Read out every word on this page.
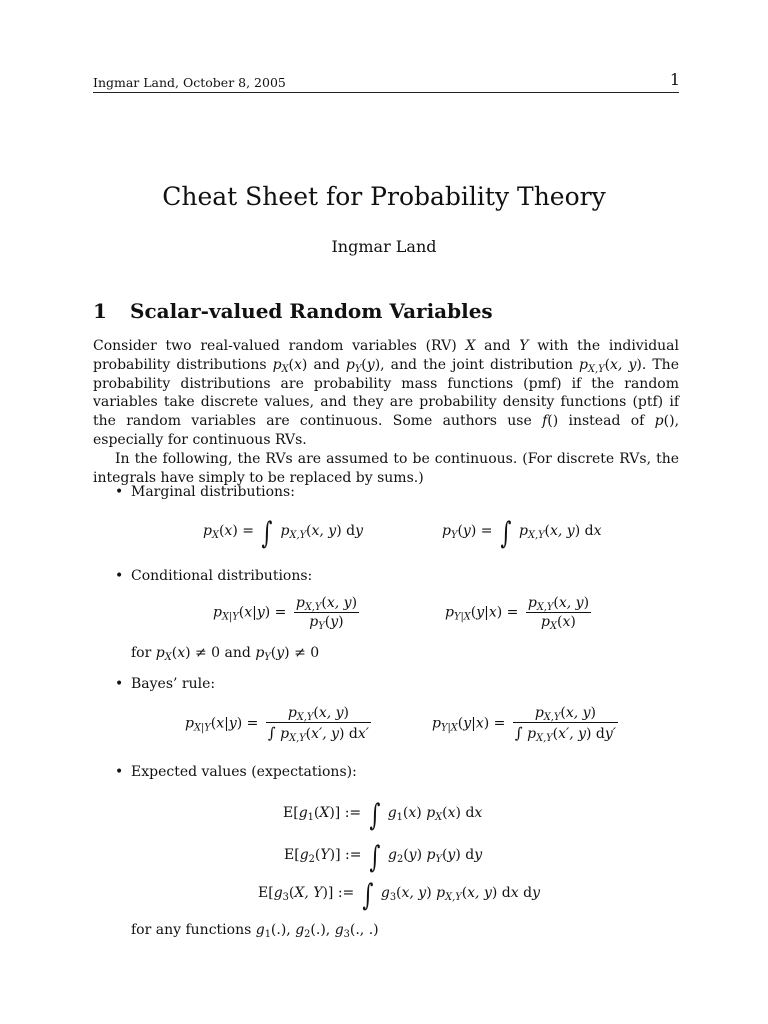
Ingmar Land, October 8, 2005	1
Cheat Sheet for Probability Theory
Ingmar Land
1 Scalar-valued Random Variables

Consider two real-valued random variables (RV) X and Y with the individual probability distributions $p_X(x)$ and $p_Y(y)$, and the joint distribution $p_{X,Y}(x$, y). The probability distributions are probability mass functions (pmf) if the random variables take discrete values, and they are probability density functions (ptf) if the random variables are continuous. Some authors use f() instead of p(), especially for continuous RVs.

In the following, the RVs are assumed to be continuous. (For discrete RVs, the integrals have simply to be replaced by sums.)

• Marginal distributions:
$p_X(x)$ = ∫ $p_{X,Y}(x$, y) dy	$p_Y(y)$ = ∫ $p_{X,Y}(x$, y) dx
• Conditional distributions:
$p_{X|Y}(x|y) = \frac{p_{X,Y}(x, y)}{p_Y(y)}$	$p_{Y|X}(y|x) = \frac{p_{X,Y}(x, y)}{p_X(x)}$
for $p_X(x) \ne 0$ and $p_Y(y) \ne 0$
• Bayes’ rule:
$p_{X|Y}(x|y) = \frac{p_{X,Y}(x, y)}{\int p_{X,Y}(x', y) dx'}$	$p_{Y|X}(y|x) = \frac{p_{X,Y}(x, y)}{\int p_{X,Y}(x', y) dy'}$
• Expected values (expectations):
$E[g_1(X)]$ := ∫ $g_1(x)$ $p_X(x)$ dx
$E[g_2(Y)]$ := ∫ $g_2(y)$ $p_Y(y)$ dy
$E[g_3(X$, Y)] := ∫ $g_3(x$, y) $p_{X,Y}(x$, y) dx dy
for any functions $g_1(.)$, $g_2(.)$, $g_3$(., .)
